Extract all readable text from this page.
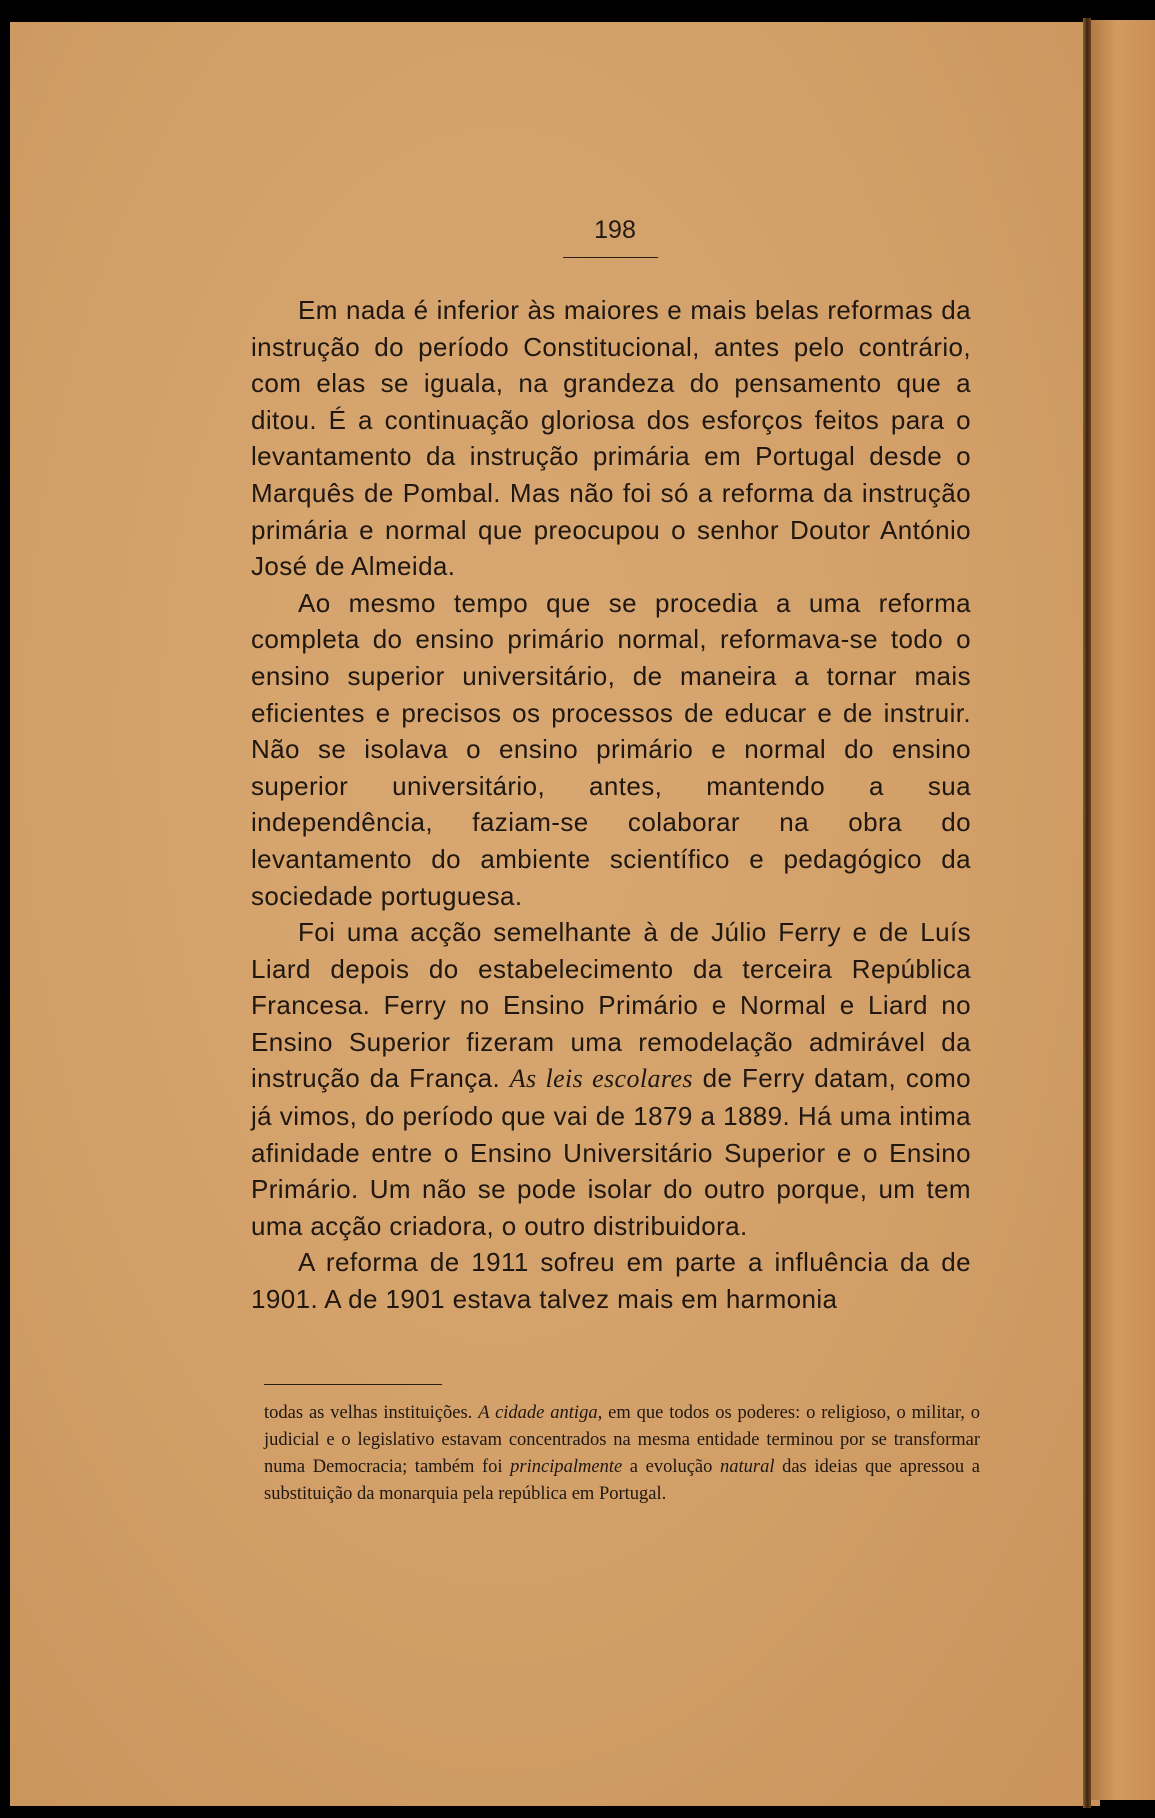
198

Em nada é inferior às maiores e mais belas reformas da instrução do período Constitucional, antes pelo contrário, com elas se iguala, na grandeza do pensamento que a ditou. É a continuação gloriosa dos esforços feitos para o levantamento da instrução primária em Portugal desde o Marquês de Pombal. Mas não foi só a reforma da instrução primária e normal que preocupou o senhor Doutor António José de Almeida.

Ao mesmo tempo que se procedia a uma reforma completa do ensino primário normal, reformava-se todo o ensino superior universitário, de maneira a tornar mais eficientes e precisos os processos de educar e de instruir. Não se isolava o ensino primário e normal do ensino superior universitário, antes, mantendo a sua independência, faziam-se colaborar na obra do levantamento do ambiente scientífico e pedagógico da sociedade portuguesa.

Foi uma acção semelhante à de Júlio Ferry e de Luís Liard depois do estabelecimento da terceira República Francesa. Ferry no Ensino Primário e Normal e Liard no Ensino Superior fizeram uma remodelação admirável da instrução da França. As leis escolares de Ferry datam, como já vimos, do período que vai de 1879 a 1889. Há uma intima afinidade entre o Ensino Universitário Superior e o Ensino Primário. Um não se pode isolar do outro porque, um tem uma acção criadora, o outro distribuidora.

A reforma de 1911 sofreu em parte a influência da de 1901. A de 1901 estava talvez mais em harmonia

todas as velhas instituições. A cidade antiga, em que todos os poderes: o religioso, o militar, o judicial e o legislativo estavam concentrados na mesma entidade terminou por se transformar numa Democracia; também foi principalmente a evolução natural das ideias que apressou a substituição da monarquia pela república em Portugal.
